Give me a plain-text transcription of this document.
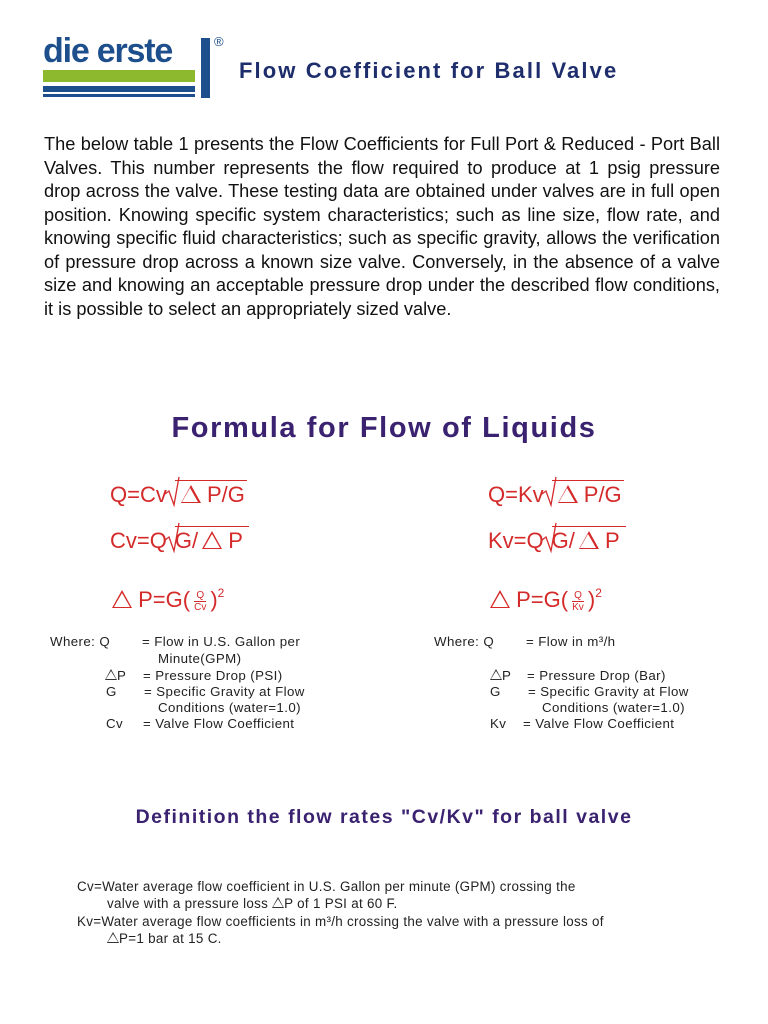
die erste	®
Flow Coefficient for Ball Valve

The below table 1 presents the Flow Coefficients for Full Port & Reduced - Port Ball Valves. This number represents the flow required to produce at 1 psig pressure drop across the valve. These testing data are obtained under valves are in full open position. Knowing specific system characteristics; such as line size, flow rate, and knowing specific fluid characteristics; such as specific gravity, allows the verification of pressure drop across a known size valve. Conversely, in the absence of a valve size and knowing an acceptable pressure drop under the described flow conditions, it is possible to select an appropriately sized valve.

Formula for Flow of Liquids
Q=Cv P/G
Cv=Q G/ P
$P=G( \frac{Q}{Cv} )^2$
Q=Kv P/G
Kv=Q G/ P
$P=G( \frac{Q}{Kv} )^2$
Where: Q = Flow in U.S. Gallon per
Minute(GPM)
P = Pressure Drop (PSI)
G = Specific Gravity at Flow
Conditions (water=1.0)
Cv = Valve Flow Coefficient
Where: Q = Flow in m³/h
P = Pressure Drop (Bar)
G = Specific Gravity at Flow
Conditions (water=1.0)
Kv = Valve Flow Coefficient
Definition the flow rates "Cv/Kv" for ball valve
Cv=Water average flow coefficient in U.S. Gallon per minute (GPM) crossing the
valve with a pressure loss P of 1 PSI at 60 F.
Kv=Water average flow coefficients in m³/h crossing the valve with a pressure loss of
P=1 bar at 15 C.
